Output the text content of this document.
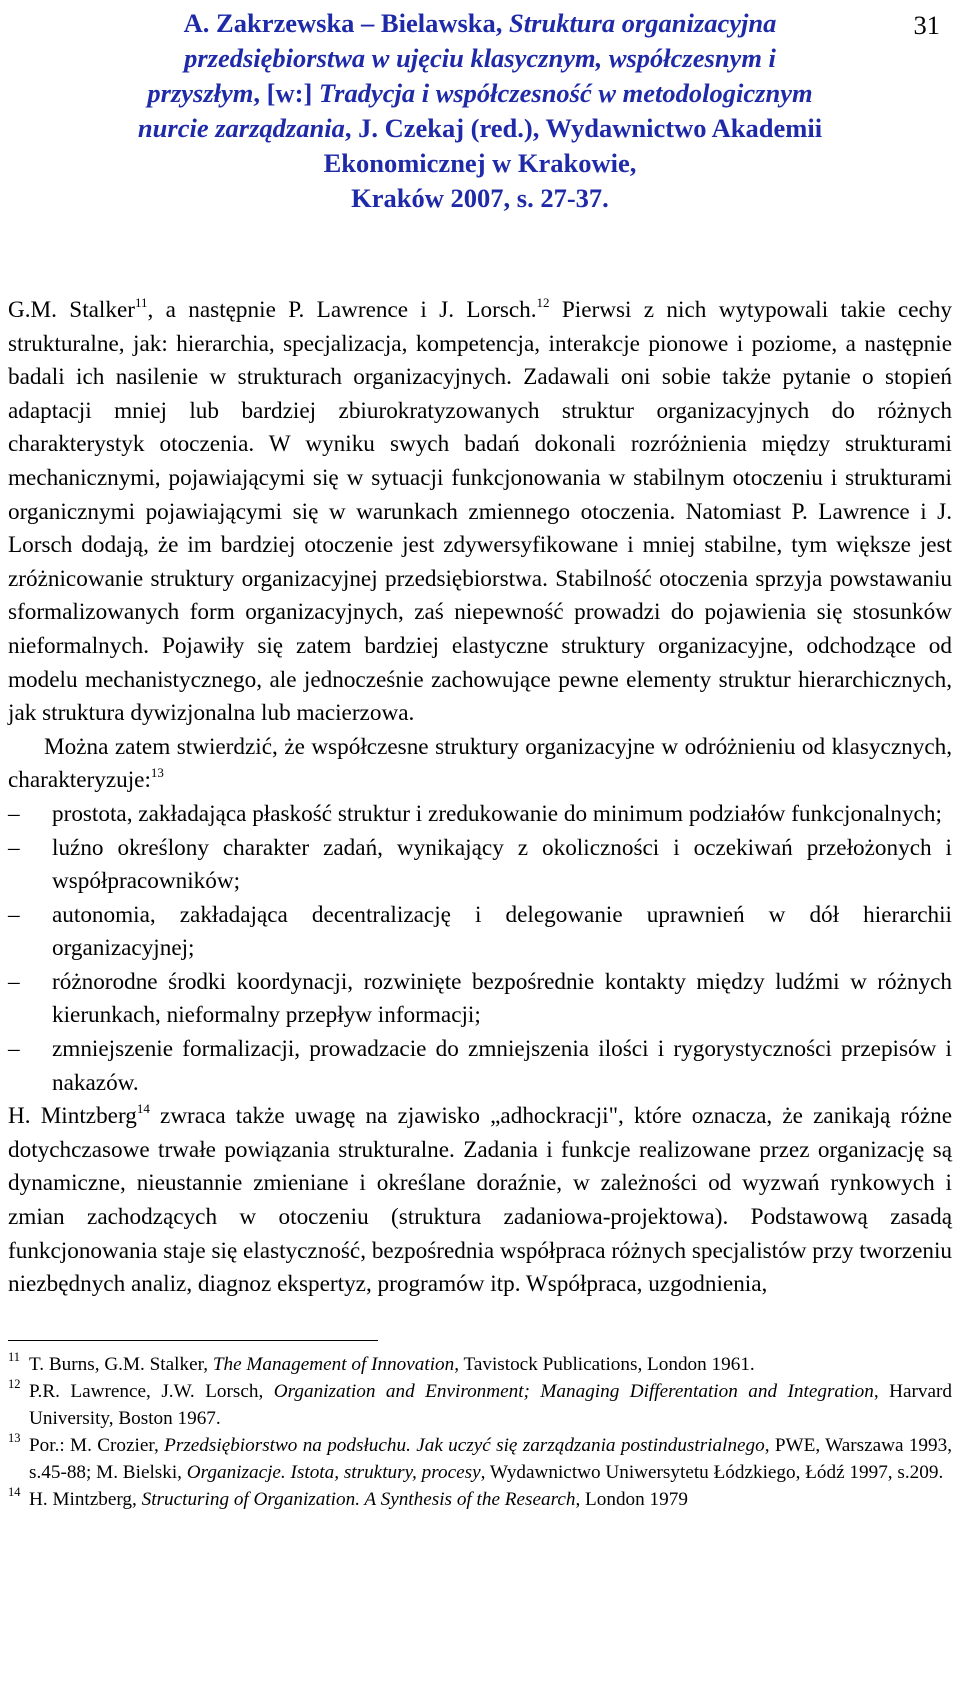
A. Zakrzewska – Bielawska, Struktura organizacyjna
przedsiębiorstwa w ujęciu klasycznym, współczesnym i
przyszłym, [w:] Tradycja i współczesność w metodologicznym
nurcie zarządzania, J. Czekaj (red.), Wydawnictwo Akademii
Ekonomicznej w Krakowie,
Kraków 2007, s. 27-37.
31

G.M. Stalker$^{11}$, a następnie P. Lawrence i J. Lorsch.$^{12}$ Pierwsi z nich wytypowali takie cechy strukturalne, jak: hierarchia, specjalizacja, kompetencja, interakcje pionowe i poziome, a następnie badali ich nasilenie w strukturach organizacyjnych. Zadawali oni sobie także pytanie o stopień adaptacji mniej lub bardziej zbiurokratyzowanych struktur organizacyjnych do różnych charakterystyk otoczenia. W wyniku swych badań dokonali rozróżnienia między strukturami mechanicznymi, pojawiającymi się w sytuacji funkcjonowania w stabilnym otoczeniu i strukturami organicznymi pojawiającymi się w warunkach zmiennego otoczenia. Natomiast P. Lawrence i J. Lorsch dodają, że im bardziej otoczenie jest zdywersyfikowane i mniej stabilne, tym większe jest zróżnicowanie struktury organizacyjnej przedsiębiorstwa. Stabilność otoczenia sprzyja powstawaniu sformalizowanych form organizacyjnych, zaś niepewność prowadzi do pojawienia się stosunków nieformalnych. Pojawiły się zatem bardziej elastyczne struktury organizacyjne, odchodzące od modelu mechanistycznego, ale jednocześnie zachowujące pewne elementy struktur hierarchicznych, jak struktura dywizjonalna lub macierzowa.

Można zatem stwierdzić, że współczesne struktury organizacyjne w odróżnieniu od klasycznych, charakteryzuje:$^{13}$

– prostota, zakładająca płaskość struktur i zredukowanie do minimum podziałów funkcjonalnych;
– luźno określony charakter zadań, wynikający z okoliczności i oczekiwań przełożonych i współpracowników;
– autonomia, zakładająca decentralizację i delegowanie uprawnień w dół hierarchii organizacyjnej;
– różnorodne środki koordynacji, rozwinięte bezpośrednie kontakty między ludźmi w różnych kierunkach, nieformalny przepływ informacji;
– zmniejszenie formalizacji, prowadzacie do zmniejszenia ilości i rygorystyczności przepisów i nakazów.

H. Mintzberg$^{14}$ zwraca także uwagę na zjawisko „adhockracji", które oznacza, że zanikają różne dotychczasowe trwałe powiązania strukturalne. Zadania i funkcje realizowane przez organizację są dynamiczne, nieustannie zmieniane i określane doraźnie, w zależności od wyzwań rynkowych i zmian zachodzących w otoczeniu (struktura zadaniowa-projektowa). Podstawową zasadą funkcjonowania staje się elastyczność, bezpośrednia współpraca różnych specjalistów przy tworzeniu niezbędnych analiz, diagnoz ekspertyz, programów itp. Współpraca, uzgodnienia,

11 T. Burns, G.M. Stalker, The Management of Innovation, Tavistock Publications, London 1961.
12 P.R. Lawrence, J.W. Lorsch, Organization and Environment; Managing Differentation and Integration, Harvard University, Boston 1967.
13 Por.: M. Crozier, Przedsiębiorstwo na podsłuchu. Jak uczyć się zarządzania postindustrialnego, PWE, Warszawa 1993, s.45-88; M. Bielski, Organizacje. Istota, struktury, procesy, Wydawnictwo Uniwersytetu Łódzkiego, Łódź 1997, s.209.
14 H. Mintzberg, Structuring of Organization. A Synthesis of the Research, London 1979
